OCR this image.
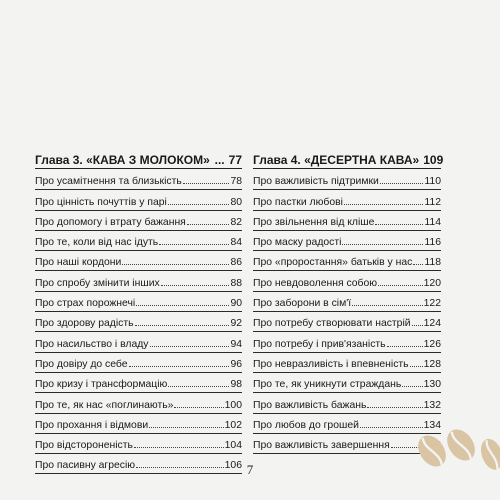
Глава 3. «КАВА З МОЛОКОМ» ... 77
Про усамітнення та близькість	78
Про цінність почуттів у парі	80
Про допомогу і втрату бажання	82
Про те, коли від нас ідуть	84
Про наші кордони	86
Про спробу змінити інших	88
Про страх порожнечі	90
Про здорову радість	92
Про насильство і владу	94
Про довіру до себе	96
Про кризу і трансформацію	98
Про те, як нас «поглинають»	100
Про прохання і відмови	102
Про відстороненість	104
Про пасивну агресію	106
Глава 4. «ДЕСЕРТНА КАВА» 109
Про важливість підтримки	110
Про пастки любові	112
Про звільнення від кліше	114
Про маску радості	116
Про «проростання» батьків у нас 118
Про невдоволення собою	120
Про заборони в сім'ї	122
Про потребу створювати настрій 124
Про потребу і прив'язаність	126
Про невразливість і впевненість 128
Про те, як уникнути страждань 130
Про важливість бажань	132
Про любов до грошей	134
Про важливість завершення
7
